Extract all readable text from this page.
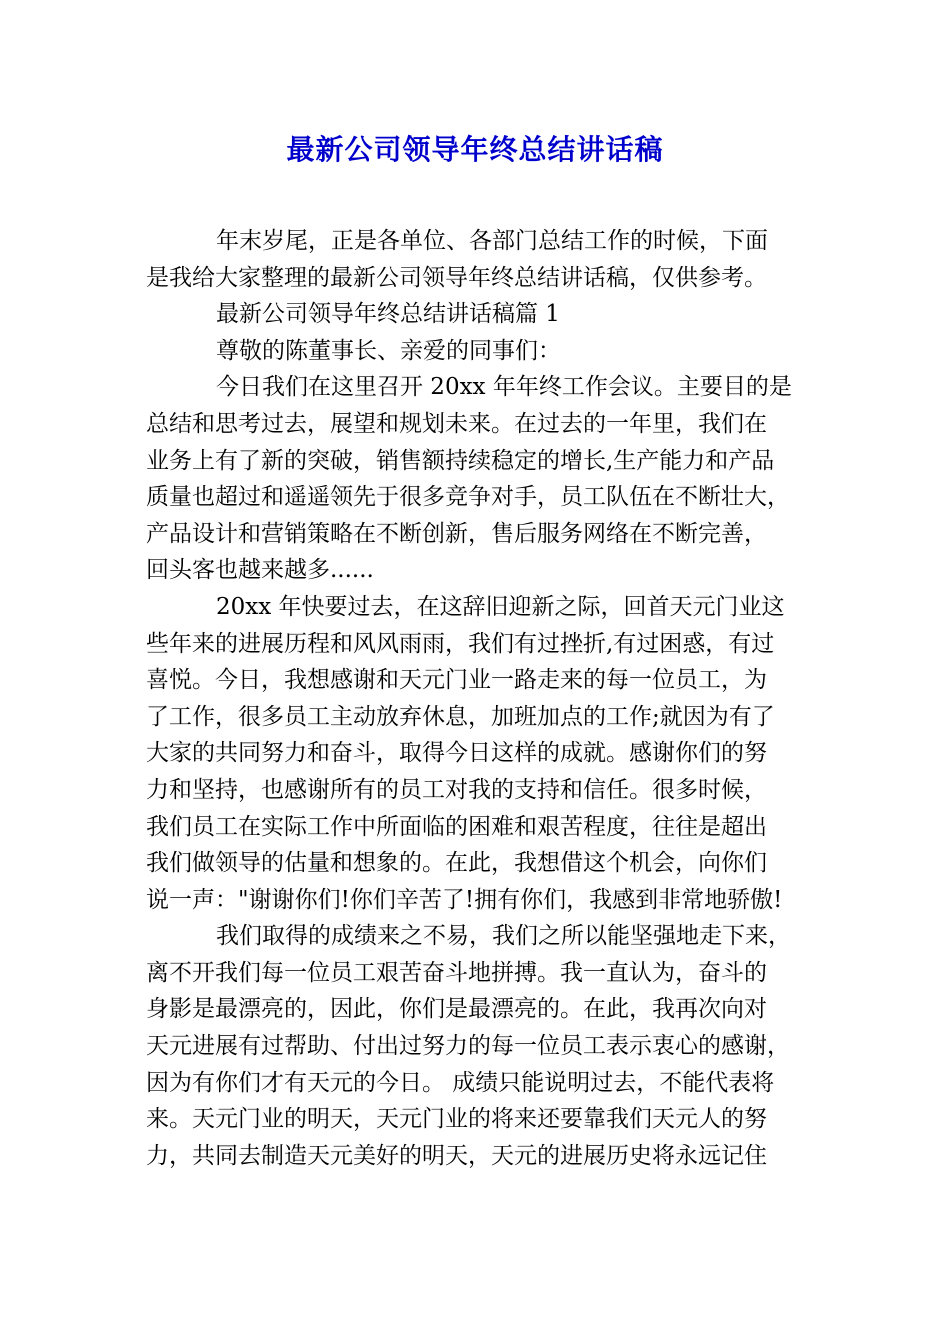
最新公司领导年终总结讲话稿
年末岁尾，正是各单位、各部门总结工作的时候，下面
是我给大家整理的最新公司领导年终总结讲话稿，仅供参考。
最新公司领导年终总结讲话稿篇 1
尊敬的陈董事长、亲爱的同事们：
今日我们在这里召开 20xx 年年终工作会议。主要目的是
总结和思考过去，展望和规划未来。在过去的一年里，我们在
业务上有了新的突破，销售额持续稳定的增长,生产能力和产品
质量也超过和遥遥领先于很多竞争对手，员工队伍在不断壮大，
产品设计和营销策略在不断创新，售后服务网络在不断完善，
回头客也越来越多......
20xx 年快要过去，在这辞旧迎新之际，回首天元门业这
些年来的进展历程和风风雨雨，我们有过挫折,有过困惑，有过
喜悦。今日，我想感谢和天元门业一路走来的每一位员工，为
了工作，很多员工主动放弃休息，加班加点的工作;就因为有了
大家的共同努力和奋斗，取得今日这样的成就。感谢你们的努
力和坚持，也感谢所有的员工对我的支持和信任。很多时候，
我们员工在实际工作中所面临的困难和艰苦程度，往往是超出
我们做领导的估量和想象的。在此，我想借这个机会，向你们
说一声："谢谢你们!你们辛苦了!拥有你们，我感到非常地骄傲!
我们取得的成绩来之不易，我们之所以能坚强地走下来，
离不开我们每一位员工艰苦奋斗地拼搏。我一直认为，奋斗的
身影是最漂亮的，因此，你们是最漂亮的。在此，我再次向对
天元进展有过帮助、付出过努力的每一位员工表示衷心的感谢，
因为有你们才有天元的今日。 成绩只能说明过去，不能代表将
来。天元门业的明天，天元门业的将来还要靠我们天元人的努
力，共同去制造天元美好的明天，天元的进展历史将永远记住
